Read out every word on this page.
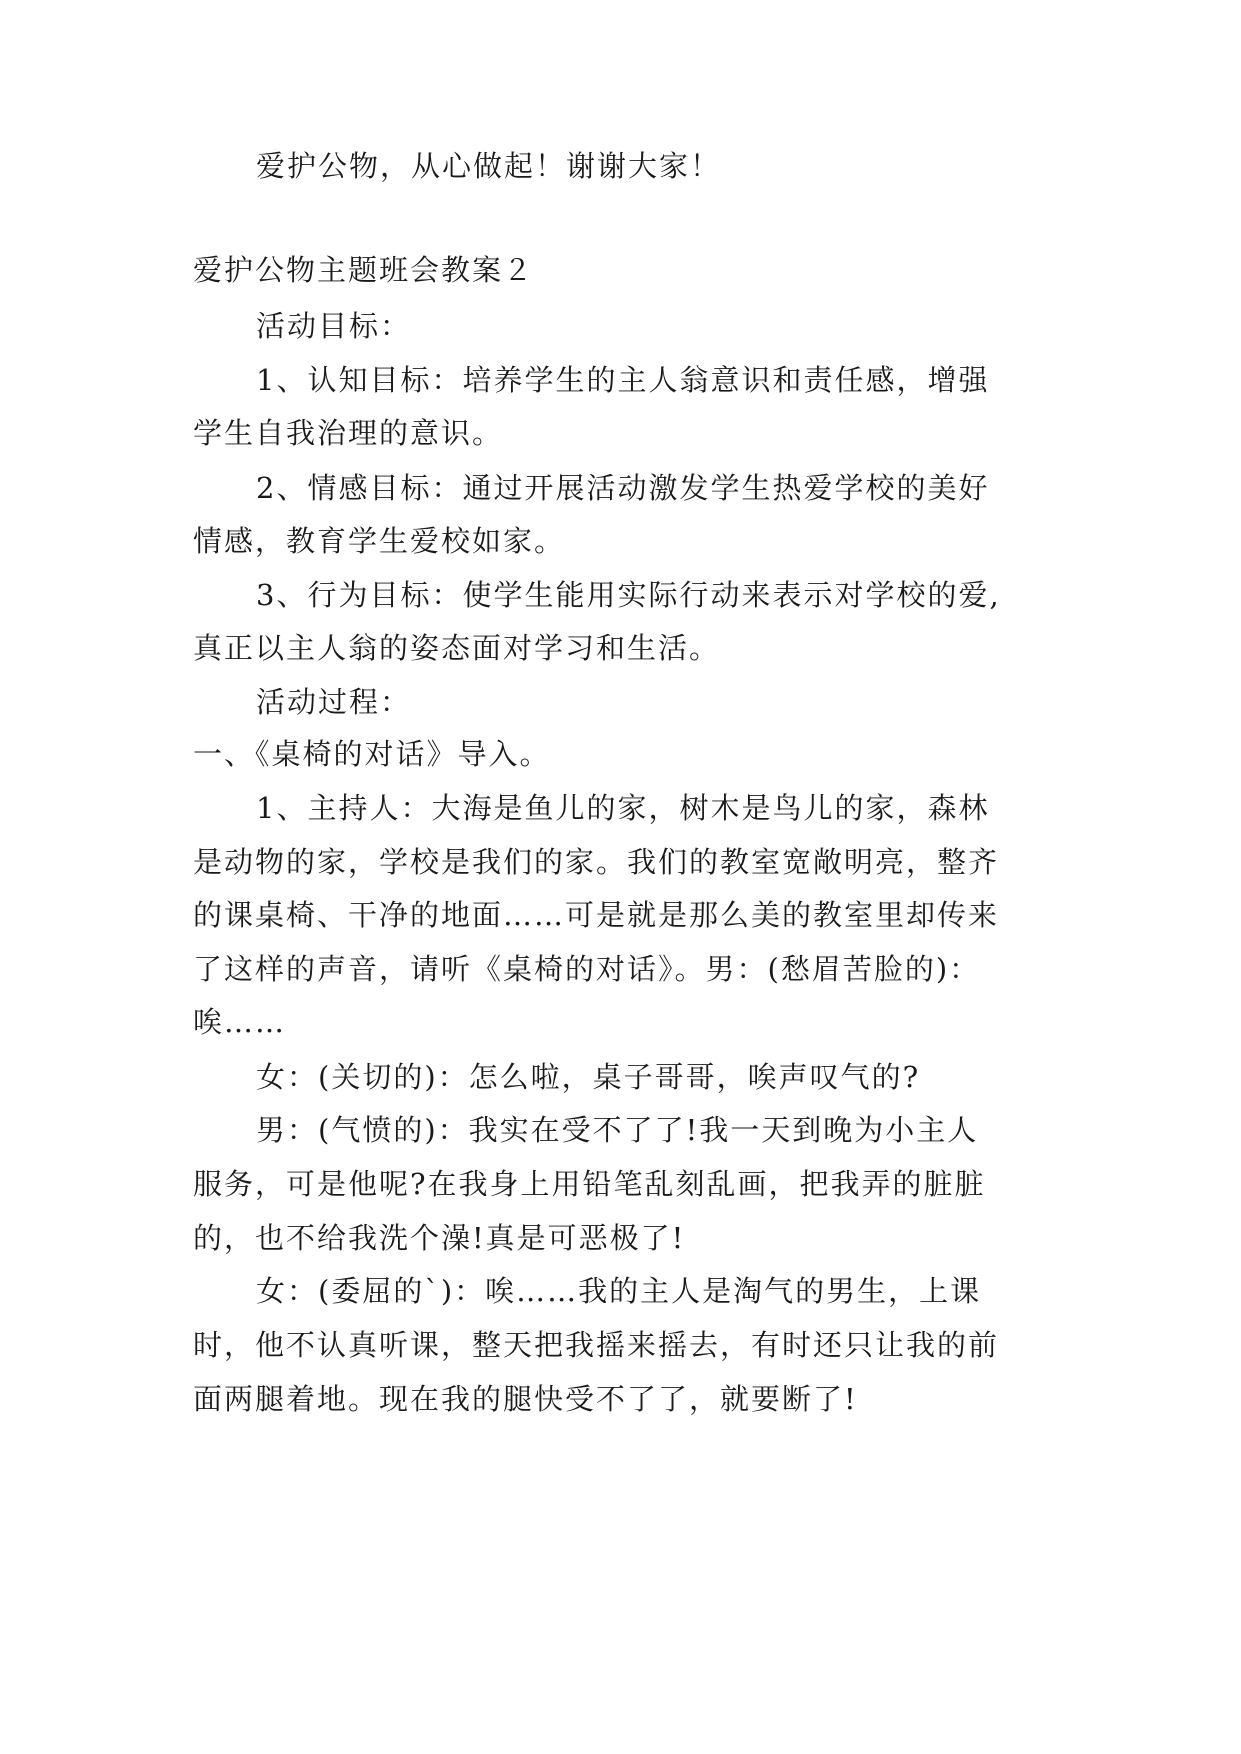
爱护公物，从心做起！谢谢大家！
爱护公物主题班会教案２
活动目标：
1、认知目标：培养学生的主人翁意识和责任感，增强
学生自我治理的意识。
2、情感目标：通过开展活动激发学生热爱学校的美好
情感，教育学生爱校如家。
3、行为目标：使学生能用实际行动来表示对学校的爱,
真正以主人翁的姿态面对学习和生活。
活动过程：
一、《桌椅的对话》导入。
1、主持人：大海是鱼儿的家，树木是鸟儿的家，森林
是动物的家，学校是我们的家。我们的教室宽敞明亮，整齐
的课桌椅、干净的地面……可是就是那么美的教室里却传来
了这样的声音，请听《桌椅的对话》。男：(愁眉苦脸的)：
唉……
女：(关切的)：怎么啦，桌子哥哥，唉声叹气的?
男：(气愤的)：我实在受不了了!我一天到晚为小主人
服务，可是他呢?在我身上用铅笔乱刻乱画，把我弄的脏脏
的，也不给我洗个澡!真是可恶极了!
女：(委屈的`)：唉……我的主人是淘气的男生，上课
时，他不认真听课，整天把我摇来摇去，有时还只让我的前
面两腿着地。现在我的腿快受不了了，就要断了!
